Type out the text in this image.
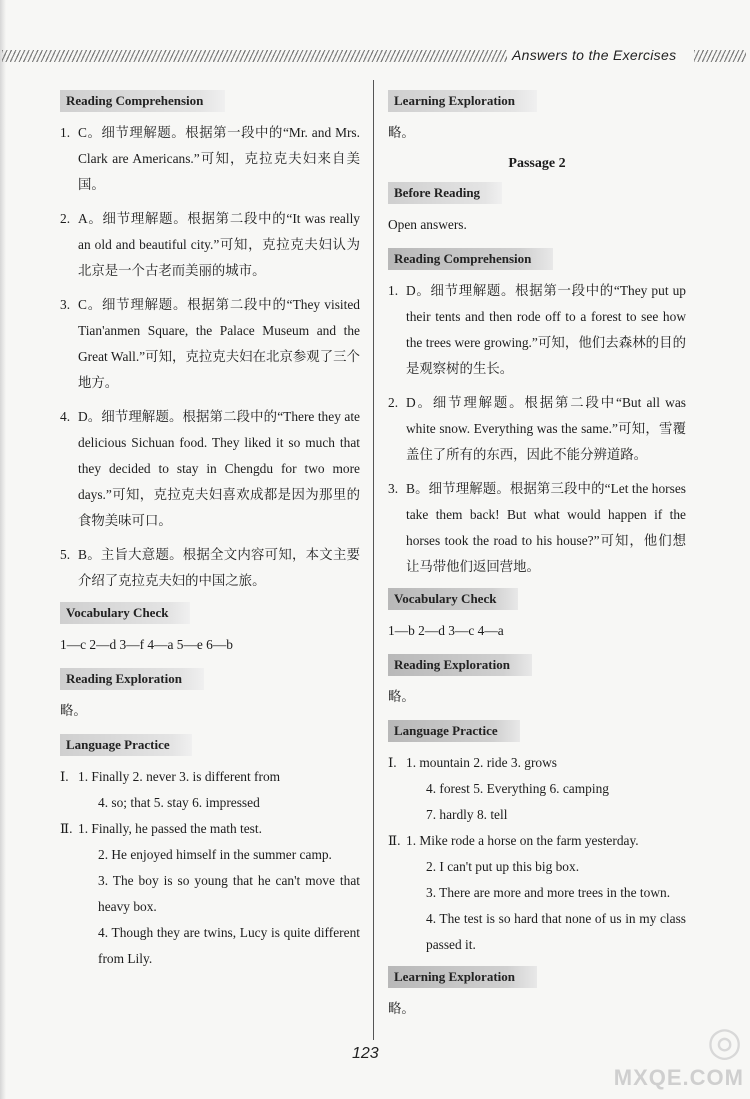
Answers to the Exercises
Reading Comprehension
1. C。细节理解题。根据第一段中的“Mr. and Mrs. Clark are Americans.”可知，克拉克夫妇来自美国。
2. A。细节理解题。根据第二段中的“It was really an old and beautiful city.”可知，克拉克夫妇认为北京是一个古老而美丽的城市。
3. C。细节理解题。根据第二段中的“They visited Tian'anmen Square, the Palace Museum and the Great Wall.”可知，克拉克夫妇在北京参观了三个地方。
4. D。细节理解题。根据第二段中的“There they ate delicious Sichuan food. They liked it so much that they decided to stay in Chengdu for two more days.”可知，克拉克夫妇喜欢成都是因为那里的食物美味可口。
5. B。主旨大意题。根据全文内容可知，本文主要介绍了克拉克夫妇的中国之旅。
Vocabulary Check
1—c 2—d 3—f 4—a 5—e 6—b
Reading Exploration
略。
Language Practice
Ⅰ. 1. Finally 2. never 3. is different from
4. so; that 5. stay 6. impressed
Ⅱ. 1. Finally, he passed the math test.
2. He enjoyed himself in the summer camp.
3. The boy is so young that he can't move that heavy box.
4. Though they are twins, Lucy is quite different from Lily.
Learning Exploration
略。
Passage 2
Before Reading
Open answers.
Reading Comprehension
1. D。细节理解题。根据第一段中的“They put up their tents and then rode off to a forest to see how the trees were growing.”可知，他们去森林的目的是观察树的生长。
2. D。细节理解题。根据第二段中“But all was white snow. Everything was the same.”可知，雪覆盖住了所有的东西，因此不能分辨道路。
3. B。细节理解题。根据第三段中的“Let the horses take them back! But what would happen if the horses took the road to his house?”可知，他们想让马带他们返回营地。
Vocabulary Check
1—b 2—d 3—c 4—a
Reading Exploration
略。
Language Practice
Ⅰ. 1. mountain 2. ride 3. grows
4. forest 5. Everything 6. camping
7. hardly 8. tell
Ⅱ. 1. Mike rode a horse on the farm yesterday.
2. I can't put up this big box.
3. There are more and more trees in the town.
4. The test is so hard that none of us in my class passed it.
Learning Exploration
略。
123	◎
MXQE.COM
